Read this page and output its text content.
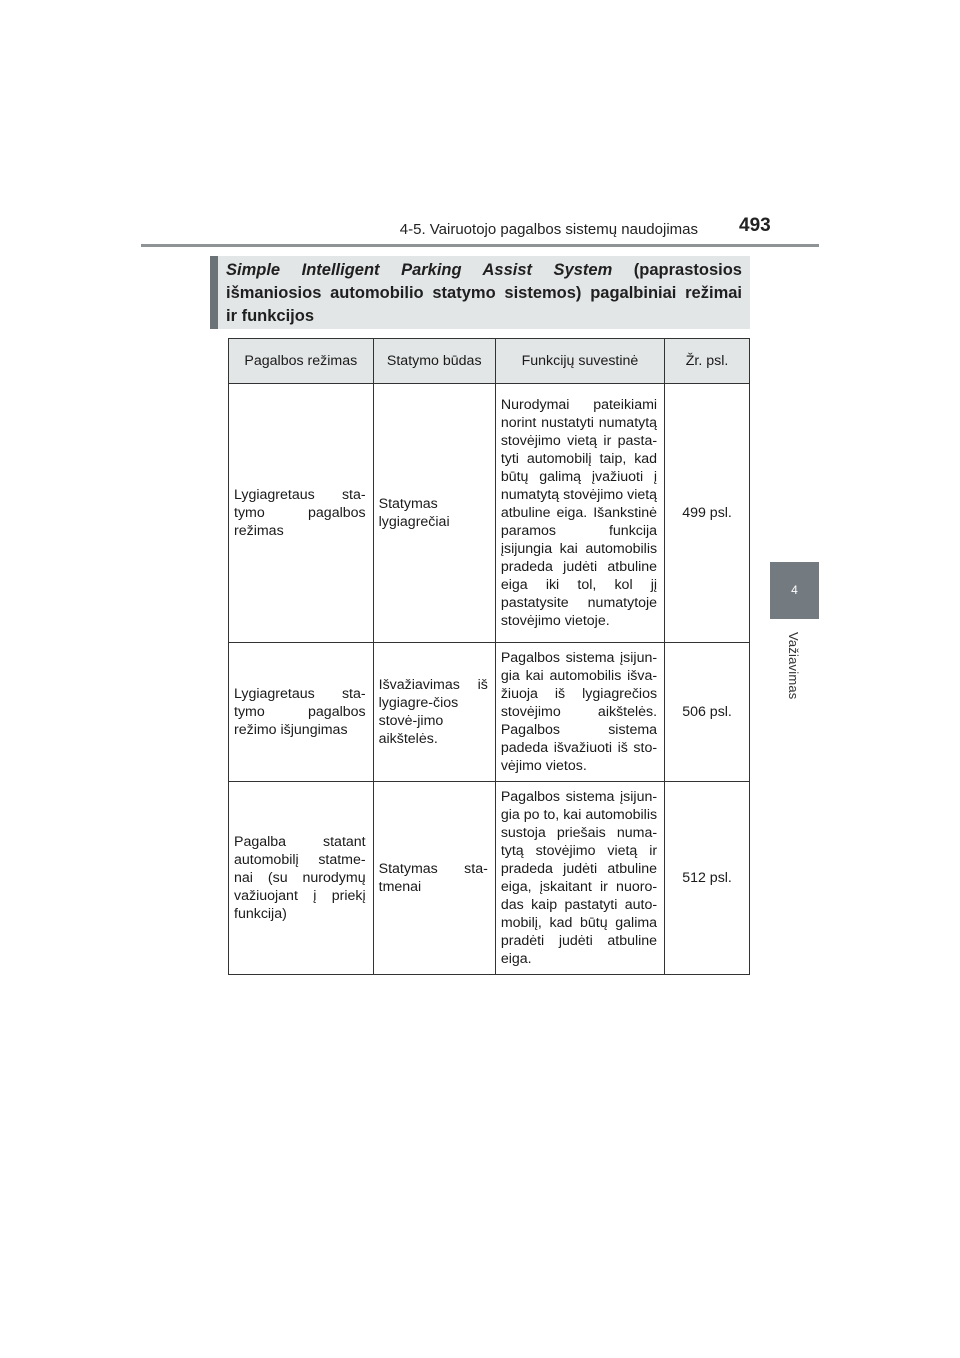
4-5. Vairuotojo pagalbos sistemų naudojimas 493
4
Važiavimas
Simple Intelligent Parking Assist System (paprastosios
išmaniosios automobilio statymo sistemos) pagalbiniai režimai
ir funkcijos
Pagalbos režimas	Statymo būdas	Funkcijų suvestinė	Žr. psl.
Lygiagretaus sta-tymo pagalbos režimas	Statymas lygiagrečiai	Nurodymai pateikiami norint nustatyti numatytą stovėjimo vietą ir pasta-tyti automobilį taip, kad būtų galimą įvažiuoti į numatytą stovėjimo vietą atbuline eiga. Išankstinė paramos funkcija įsijungia kai automobilis pradeda judėti atbuline eiga iki tol, kol jį pastatysite numatytoje stovėjimo vietoje.	499 psl.
Lygiagretaus sta-tymo pagalbos režimo išjungimas	Išvažiavimas iš lygiagre-čios stovė-jimo aikštelės.	Pagalbos sistema įsijun-gia kai automobilis išva-žiuoja iš lygiagrečios stovėjimo aikštelės. Pagalbos sistema padeda išvažiuoti iš sto-vėjimo vietos.	506 psl.
Pagalba statant automobilį statme-nai (su nurodymų važiuojant į priekį funkcija)	Statymas sta-tmenai	Pagalbos sistema įsijun-gia po to, kai automobilis sustoja priešais numa-tytą stovėjimo vietą ir pradeda judėti atbuline eiga, įskaitant ir nuoro-das kaip pastatyti auto-mobilį, kad būtų galima pradėti judėti atbuline eiga.	512 psl.
